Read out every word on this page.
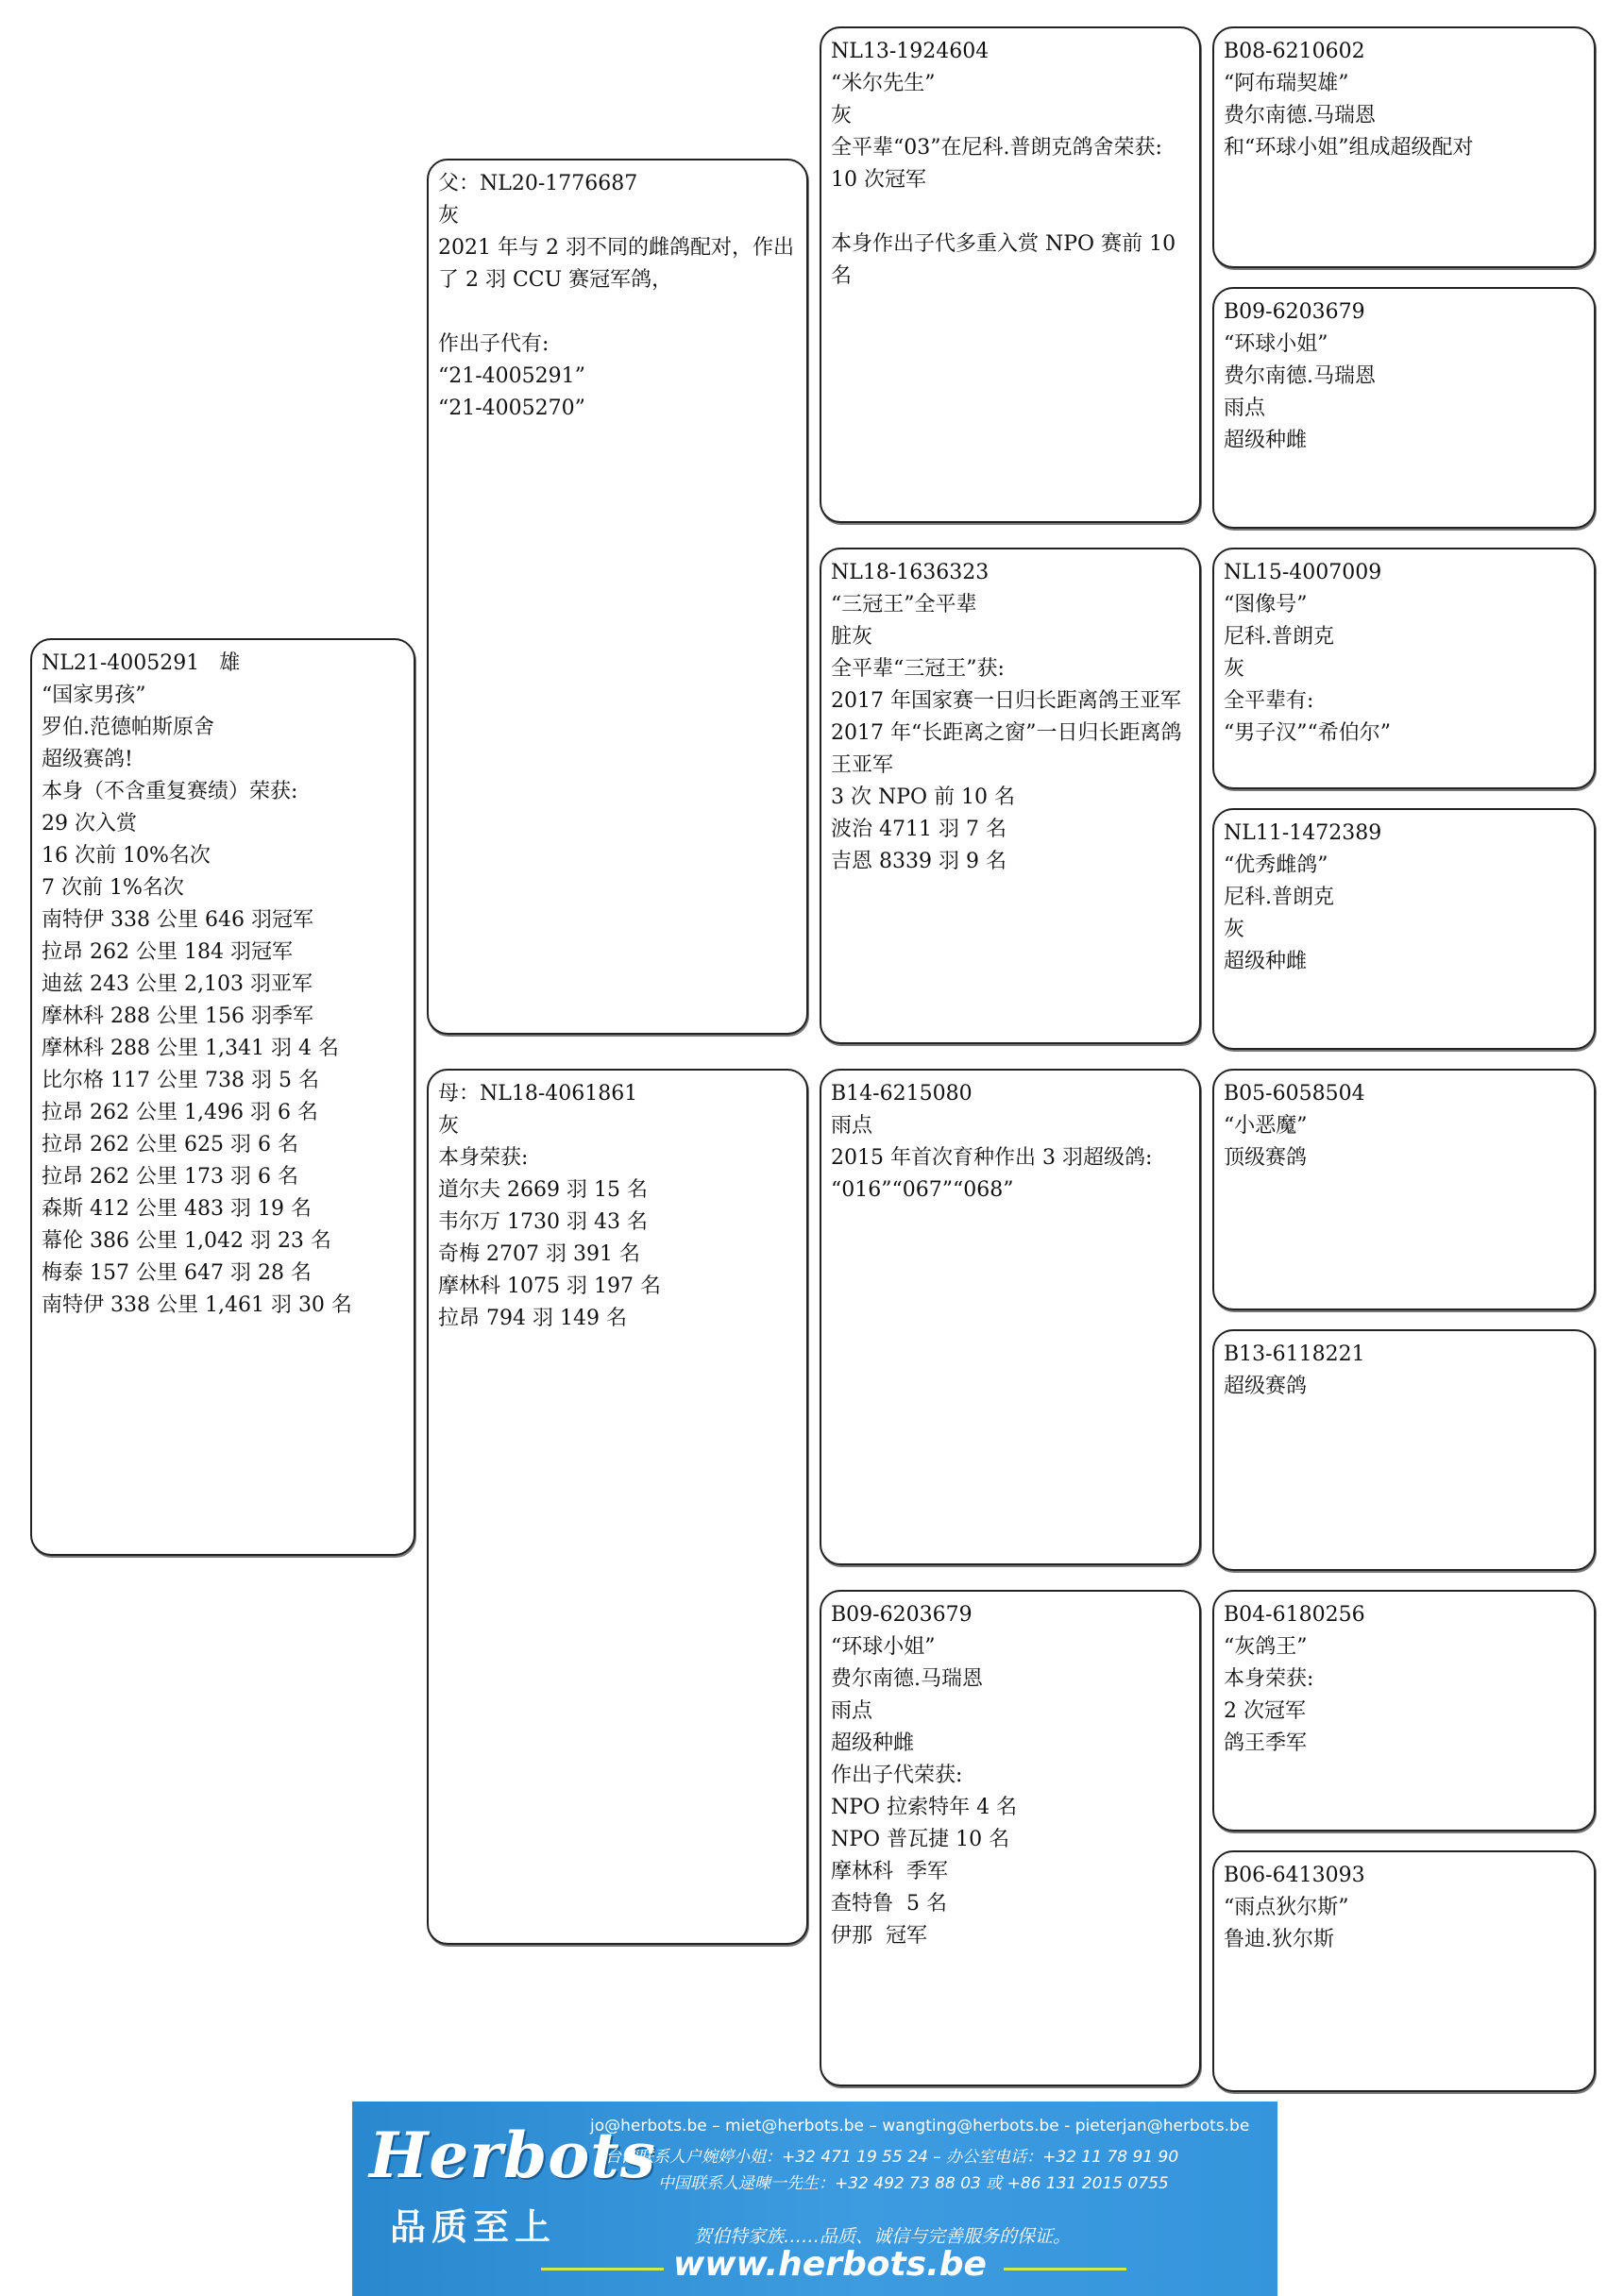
NL21-4005291   雄
“国家男孩”
罗伯.范德帕斯原舍
超级赛鸽!
本身（不含重复赛绩）荣获:
29 次入赏
16 次前 10%名次
7 次前 1%名次
南特伊 338 公里 646 羽冠军
拉昂 262 公里 184 羽冠军
迪兹 243 公里 2,103 羽亚军
摩林科 288 公里 156 羽季军
摩林科 288 公里 1,341 羽 4 名
比尔格 117 公里 738 羽 5 名
拉昂 262 公里 1,496 羽 6 名
拉昂 262 公里 625 羽 6 名
拉昂 262 公里 173 羽 6 名
森斯 412 公里 483 羽 19 名
幕伦 386 公里 1,042 羽 23 名
梅泰 157 公里 647 羽 28 名
南特伊 338 公里 1,461 羽 30 名
父：NL20-1776687
灰
2021 年与 2 羽不同的雌鸽配对，作出了 2 羽 CCU 赛冠军鸽，

作出子代有:
“21-4005291”
“21-4005270”
母：NL18-4061861
灰
本身荣获:
道尔夫 2669 羽 15 名
韦尔万 1730 羽 43 名
奇梅 2707 羽 391 名
摩林科 1075 羽 197 名
拉昂 794 羽 149 名
NL13-1924604
“米尔先生”
灰
全平辈“03”在尼科.普朗克鸽舍荣获:
10 次冠军

本身作出子代多重入赏 NPO 赛前 10 名
NL18-1636323
“三冠王”全平辈
脏灰
全平辈“三冠王”获:
2017 年国家赛一日归长距离鸽王亚军
2017 年“长距离之窗”一日归长距离鸽王亚军
3 次 NPO 前 10 名
波治 4711 羽 7 名
吉恩 8339 羽 9 名
B14-6215080
雨点
2015 年首次育种作出 3 羽超级鸽:
“016”“067”“068”
B09-6203679
“环球小姐”
费尔南德.马瑞恩
雨点
超级种雌
作出子代荣获:
NPO 拉索特年 4 名
NPO 普瓦捷 10 名
摩林科  季军
查特鲁  5 名
伊那  冠军
B08-6210602
“阿布瑞契雄”
费尔南德.马瑞恩
和“环球小姐”组成超级配对
B09-6203679
“环球小姐”
费尔南德.马瑞恩
雨点
超级种雌
NL15-4007009
“图像号”
尼科.普朗克
灰
全平辈有:
“男子汉”“希伯尔”
NL11-1472389
“优秀雌鸽”
尼科.普朗克
灰
超级种雌
B05-6058504
“小恶魔”
顶级赛鸽
B13-6118221
超级赛鸽
B04-6180256
“灰鸽王”
本身荣获:
2 次冠军
鸽王季军
B06-6413093
“雨点狄尔斯”
鲁迪.狄尔斯
Herbots
品质至上
jo@herbots.be – miet@herbots.be – wangting@herbots.be - pieterjan@herbots.be
台湾联系人户婉婷小姐：+32 471 19 55 24 – 办公室电话：+32 11 78 91 90
中国联系人逯暕一先生：+32 492 73 88 03 或 +86 131 2015 0755
贺伯特家族……品质、诚信与完善服务的保证。
www.herbots.be
